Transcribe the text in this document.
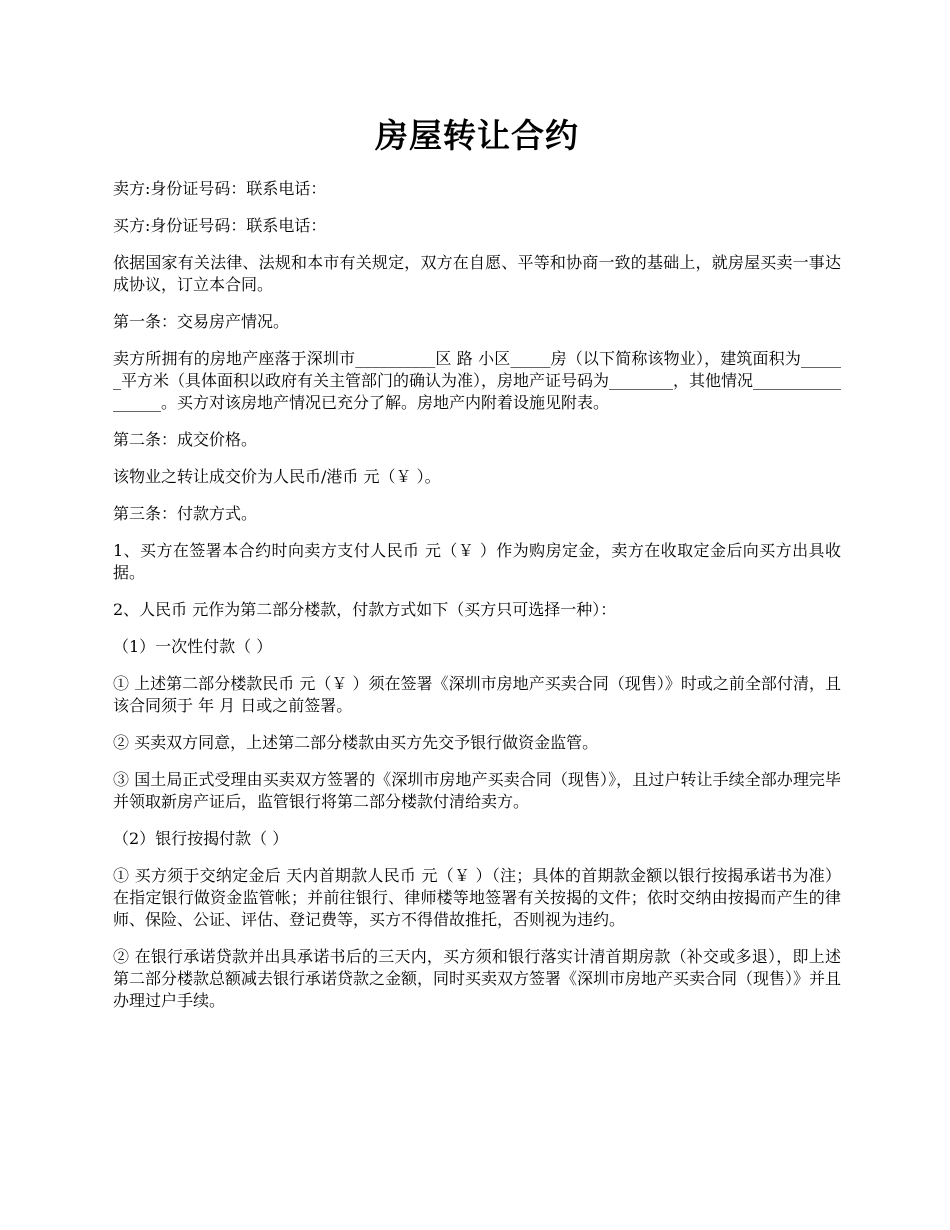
房屋转让合约

卖方:身份证号码：联系电话：

买方:身份证号码：联系电话：

依据国家有关法律、法规和本市有关规定，双方在自愿、平等和协商一致的基础上，就房屋买卖一事达成协议，订立本合同。

第一条：交易房产情况。

卖方所拥有的房地产座落于深圳市__________区 路 小区_____房（以下简称该物业），建筑面积为______平方米（具体面积以政府有关主管部门的确认为准），房地产证号码为________，其他情况_________________。买方对该房地产情况已充分了解。房地产内附着设施见附表。

第二条：成交价格。

该物业之转让成交价为人民币/港币 元（￥ ）。

第三条：付款方式。

1、买方在签署本合约时向卖方支付人民币 元（￥ ）作为购房定金，卖方在收取定金后向买方出具收据。

2、人民币 元作为第二部分楼款，付款方式如下（买方只可选择一种）：

（1）一次性付款（ ）

① 上述第二部分楼款民币 元（￥ ）须在签署《深圳市房地产买卖合同（现售）》时或之前全部付清，且该合同须于 年 月 日或之前签署。

② 买卖双方同意，上述第二部分楼款由买方先交予银行做资金监管。

③ 国土局正式受理由买卖双方签署的《深圳市房地产买卖合同（现售）》，且过户转让手续全部办理完毕并领取新房产证后，监管银行将第二部分楼款付清给卖方。

（2）银行按揭付款（ ）

① 买方须于交纳定金后 天内首期款人民币 元（￥ ）（注；具体的首期款金额以银行按揭承诺书为准）在指定银行做资金监管帐；并前往银行、律师楼等地签署有关按揭的文件；依时交纳由按揭而产生的律师、保险、公证、评估、登记费等，买方不得借故推托，否则视为违约。

② 在银行承诺贷款并出具承诺书后的三天内，买方须和银行落实计清首期房款（补交或多退），即上述第二部分楼款总额减去银行承诺贷款之金额，同时买卖双方签署《深圳市房地产买卖合同（现售）》并且办理过户手续。
